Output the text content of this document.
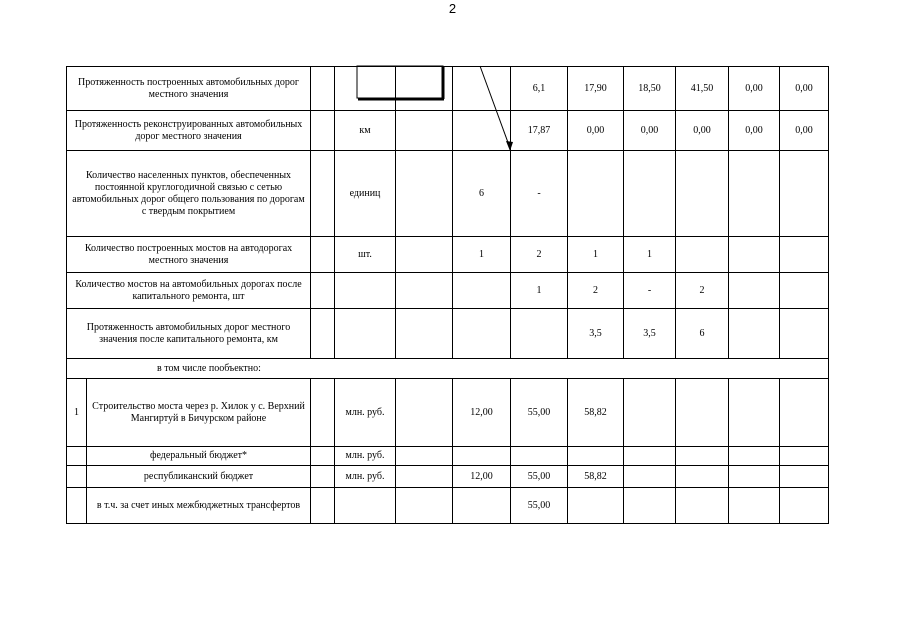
2
Протяженность построенных автомобильных дорог местного значения						6,1	17,90	18,50	41,50	0,00	0,00
Протяженность реконструированных автомобильных дорог местного значения			км			17,87	0,00	0,00	0,00	0,00	0,00
Количество населенных пунктов, обеспеченных постоянной круглогодичной связью с сетью автомобильных дорог общего пользования по дорогам с твердым покрытием			единиц		6	-					
Количество построенных мостов на автодорогах местного значения			шт.		1	2	1	1			
Количество мостов на автомобильных дорогах после капитального ремонта, шт						1	2	-	2		
Протяженность автомобильных дорог местного значения после капитального ремонта, км							3,5	3,5	6		
в том числе пообъектно:											
1	Строительство моста через р. Хилок у с. Верхний Мангиртуй в Бичурском районе		млн. руб.		12,00	55,00	58,82				
	федеральный бюджет*		млн. руб.								
	республиканский бюджет		млн. руб.		12,00	55,00	58,82				
	в т.ч. за счет иных межбюджетных трансфертов					55,00					
